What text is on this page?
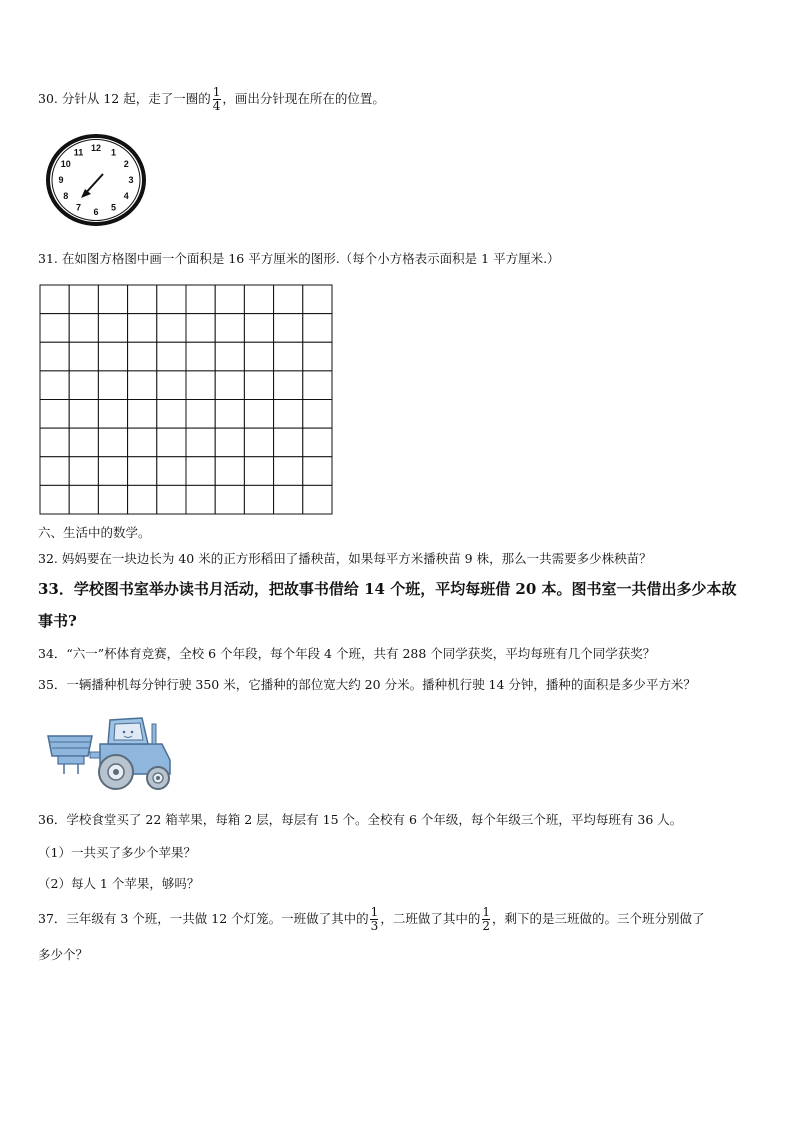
30. 分针从 12 起，走了一圈的 $\frac{1}{4}$ ，画出分针现在所在的位置。
12 1
2
3
4
5
6
7
8
9
10
11
31. 在如图方格图中画一个面积是 16 平方厘米的图形.（每个小方格表示面积是 1 平方厘米.）
六、生活中的数学。
32. 妈妈要在一块边长为 40 米的正方形稻田了播秧苗，如果每平方米播秧苗 9 株，那么一共需要多少株秧苗？
33．学校图书室举办读书月活动，把故事书借给 14 个班，平均每班借 20 本。图书室一共借出多少本故
事书?
34．“六一”杯体育竞赛，全校 6 个年段，每个年段 4 个班，共有 288 个同学获奖，平均每班有几个同学获奖？
35．一辆播种机每分钟行驶 350 米，它播种的部位宽大约 20 分米。播种机行驶 14 分钟，播种的面积是多少平方米？
36．学校食堂买了 22 箱苹果，每箱 2 层，每层有 15 个。全校有 6 个年级，每个年级三个班，平均每班有 36 人。
（1）一共买了多少个苹果？
（2）每人 1 个苹果，够吗？
37．三年级有 3 个班，一共做 12 个灯笼。一班做了其中的 $\frac{1}{3}$ ，二班做了其中的 $\frac{1}{2}$ ，剩下的是三班做的。三个班分别做了
多少个？
